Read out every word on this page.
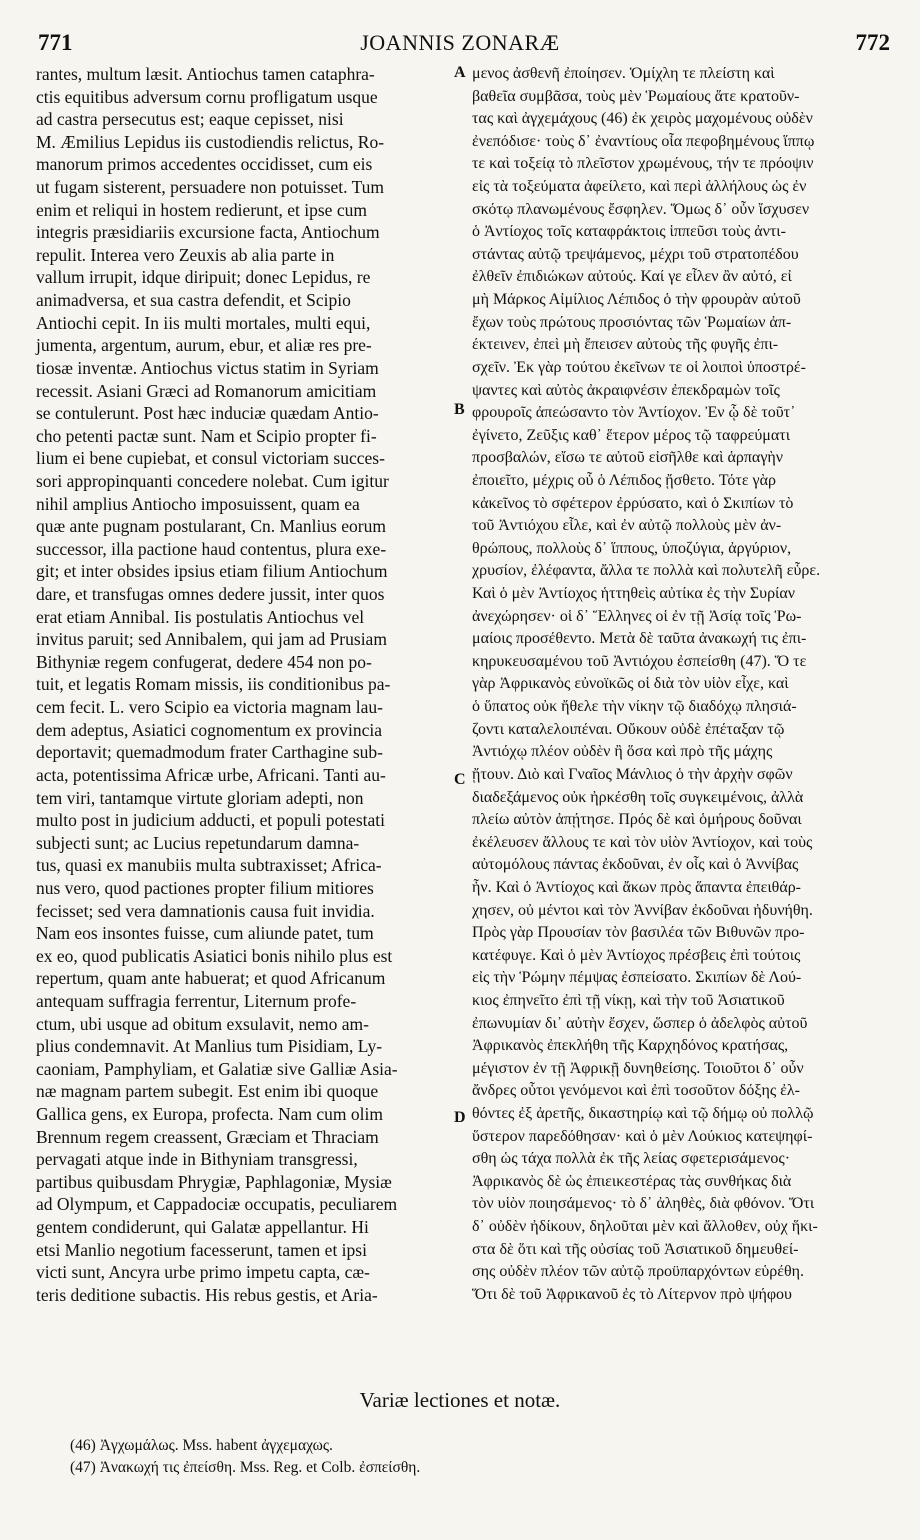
771	JOANNIS ZONARÆ	772
rantes, multum læsit. Antiochus tamen cataphra-
ctis equitibus adversum cornu profligatum usque
ad castra persecutus est; eaque cepisset, nisi
M. Æmilius Lepidus iis custodiendis relictus, Ro-
manorum primos accedentes occidisset, cum eis
ut fugam sisterent, persuadere non potuisset. Tum
enim et reliqui in hostem redierunt, et ipse cum
integris præsidiariis excursione facta, Antiochum
repulit. Interea vero Zeuxis ab alia parte in
vallum irrupit, idque diripuit; donec Lepidus, re
animadversa, et sua castra defendit, et Scipio
Antiochi cepit. In iis multi mortales, multi equi,
jumenta, argentum, aurum, ebur, et aliæ res pre-
tiosæ inventæ. Antiochus victus statim in Syriam
recessit. Asiani Græci ad Romanorum amicitiam
se contulerunt. Post hæc induciæ quædam Antio-
cho petenti pactæ sunt. Nam et Scipio propter fi-
lium ei bene cupiebat, et consul victoriam succes-
sori appropinquanti concedere nolebat. Cum igitur
nihil amplius Antiocho imposuissent, quam ea
quæ ante pugnam postularant, Cn. Manlius eorum
successor, illa pactione haud contentus, plura exe-
git; et inter obsides ipsius etiam filium Antiochum
dare, et transfugas omnes dedere jussit, inter quos
erat etiam Annibal. Iis postulatis Antiochus vel
invitus paruit; sed Annibalem, qui jam ad Prusiam
Bithyniæ regem confugerat, dedere 454 non po-
tuit, et legatis Romam missis, iis conditionibus pa-
cem fecit. L. vero Scipio ea victoria magnam lau-
dem adeptus, Asiatici cognomentum ex provincia
deportavit; quemadmodum frater Carthagine sub-
acta, potentissima Africæ urbe, Africani. Tanti au-
tem viri, tantamque virtute gloriam adepti, non
multo post in judicium adducti, et populi potestati
subjecti sunt; ac Lucius repetundarum damna-
tus, quasi ex manubiis multa subtraxisset; Africa-
nus vero, quod pactiones propter filium mitiores
fecisset; sed vera damnationis causa fuit invidia.
Nam eos insontes fuisse, cum aliunde patet, tum
ex eo, quod publicatis Asiatici bonis nihilo plus est
repertum, quam ante habuerat; et quod Africanum
antequam suffragia ferrentur, Liternum profe-
ctum, ubi usque ad obitum exsulavit, nemo am-
plius condemnavit. At Manlius tum Pisidiam, Ly-
caoniam, Pamphyliam, et Galatiæ sive Galliæ Asia-
næ magnam partem subegit. Est enim ibi quoque
Gallica gens, ex Europa, profecta. Nam cum olim
Brennum regem creassent, Græciam et Thraciam
pervagati atque inde in Bithyniam transgressi,
partibus quibusdam Phrygiæ, Paphlagoniæ, Mysiæ
ad Olympum, et Cappadociæ occupatis, peculiarem
gentem condiderunt, qui Galatæ appellantur. Hi
etsi Manlio negotium facesserunt, tamen et ipsi
victi sunt, Ancyra urbe primo impetu capta, cæ-
teris deditione subactis. His rebus gestis, et Aria-
μενος ἀσθενῆ ἐποίησεν. Ὁμίχλη τε πλείστη καὶ
βαθεῖα συμβᾶσα, τοὺς μὲν Ῥωμαίους ἅτε κρατοῦν-
τας καὶ ἀγχεμάχους (46) ἐκ χειρὸς μαχομένους οὐδὲν
ἐνεπόδισε· τοὺς δ᾽ ἐναντίους οἷα πεφοβημένους ἵππῳ
τε καὶ τοξείᾳ τὸ πλεῖστον χρωμένους, τήν τε πρόοψιν
εἰς τὰ τοξεύματα ἀφείλετο, καὶ περὶ ἀλλήλους ὡς ἐν
σκότῳ πλανωμένους ἔσφηλεν. Ὅμως δ᾽ οὖν ἴσχυσεν
ὁ Ἀντίοχος τοῖς καταφράκτοις ἱππεῦσι τοὺς ἀντι-
στάντας αὐτῷ τρεψάμενος, μέχρι τοῦ στρατοπέδου
ἐλθεῖν ἐπιδιώκων αὐτούς. Καί γε εἷλεν ἂν αὐτό, εἰ
μὴ Μάρκος Αἰμίλιος Λέπιδος ὁ τὴν φρουρὰν αὐτοῦ
ἔχων τοὺς πρώτους προσιόντας τῶν Ῥωμαίων ἀπ-
έκτεινεν, ἐπεὶ μὴ ἔπεισεν αὐτοὺς τῆς φυγῆς ἐπι-
σχεῖν. Ἐκ γὰρ τούτου ἐκεῖνων τε οἱ λοιποὶ ὑποστρέ-
ψαντες καὶ αὐτὸς ἀκραιφνέσιν ἐπεκδραμὼν τοῖς
φρουροῖς ἀπεώσαντο τὸν Ἀντίοχον. Ἐν ᾧ δὲ τοῦτ᾽
ἐγίνετο, Ζεῦξις καθ᾽ ἕτερον μέρος τῷ ταφρεύματι
προσβαλών, εἴσω τε αὐτοῦ εἰσῆλθε καὶ ἁρπαγὴν
ἐποιεῖτο, μέχρις οὗ ὁ Λέπιδος ᾔσθετο. Τότε γὰρ
κἀκεῖνος τὸ σφέτερον ἐρρύσατο, καὶ ὁ Σκιπίων τὸ
τοῦ Ἀντιόχου εἷλε, καὶ ἐν αὐτῷ πολλοὺς μὲν ἀν-
θρώπους, πολλοὺς δ᾽ ἵππους, ὑποζύγια, ἀργύριον,
χρυσίον, ἐλέφαντα, ἄλλα τε πολλὰ καὶ πολυτελῆ εὗρε.
Καὶ ὁ μὲν Ἀντίοχος ἡττηθεὶς αὐτίκα ἐς τὴν Συρίαν
ἀνεχώρησεν· οἱ δ᾽ Ἕλληνες οἱ ἐν τῇ Ἀσίᾳ τοῖς Ῥω-
μαίοις προσέθεντο. Μετὰ δὲ ταῦτα ἀνακωχή τις ἐπι-
κηρυκευσαμένου τοῦ Ἀντιόχου ἐσπείσθη (47). Ὅ τε
γὰρ Ἀφρικανὸς εὐνοϊκῶς οἱ διὰ τὸν υἱὸν εἶχε, καὶ
ὁ ὕπατος οὐκ ἤθελε τὴν νίκην τῷ διαδόχῳ πλησιά-
ζοντι καταλελοιπέναι. Οὔκουν οὐδὲ ἐπέταξαν τῷ
Ἀντιόχῳ πλέον οὐδὲν ἢ ὅσα καὶ πρὸ τῆς μάχης
ᾔτουν. Διὸ καὶ Γναῖος Μάνλιος ὁ τὴν ἀρχὴν σφῶν
διαδεξάμενος οὐκ ἠρκέσθη τοῖς συγκειμένοις, ἀλλὰ
πλείω αὐτὸν ἀπῄτησε. Πρός δὲ καὶ ὁμήρους δοῦναι
ἐκέλευσεν ἄλλους τε καὶ τὸν υἱὸν Ἀντίοχον, καὶ τοὺς
αὐτομόλους πάντας ἐκδοῦναι, ἐν οἷς καὶ ὁ Ἀννίβας
ἦν. Καὶ ὁ Ἀντίοχος καὶ ἄκων πρὸς ἅπαντα ἐπειθάρ-
χησεν, οὐ μέντοι καὶ τὸν Ἀννίβαν ἐκδοῦναι ἠδυνήθη.
Πρὸς γὰρ Προυσίαν τὸν βασιλέα τῶν Βιθυνῶν προ-
κατέφυγε. Καὶ ὁ μὲν Ἀντίοχος πρέσβεις ἐπὶ τούτοις
εἰς τὴν Ῥώμην πέμψας ἐσπείσατο. Σκιπίων δὲ Λού-
κιος ἐπηνεῖτο ἐπὶ τῇ νίκῃ, καὶ τὴν τοῦ Ἀσιατικοῦ
ἐπωνυμίαν δι᾽ αὐτὴν ἔσχεν, ὥσπερ ὁ ἀδελφὸς αὐτοῦ
Ἀφρικανὸς ἐπεκλήθη τῆς Καρχηδόνος κρατήσας,
μέγιστον ἐν τῇ Ἀφρικῇ δυνηθείσης. Τοιοῦτοι δ᾽ οὖν
ἄνδρες οὗτοι γενόμενοι καὶ ἐπὶ τοσοῦτον δόξης ἐλ-
θόντες ἐξ ἀρετῆς, δικαστηρίῳ καὶ τῷ δήμῳ οὐ πολλῷ
ὕστερον παρεδόθησαν· καὶ ὁ μὲν Λούκιος κατεψηφί-
σθη ὡς τάχα πολλὰ ἐκ τῆς λείας σφετερισάμενος·
Ἀφρικανὸς δὲ ὡς ἐπιεικεστέρας τὰς συνθήκας διὰ
τὸν υἱὸν ποιησάμενος· τὸ δ᾽ ἀληθὲς, διὰ φθόνον. Ὅτι
δ᾽ οὐδὲν ἠδίκουν, δηλοῦται μὲν καὶ ἄλλοθεν, οὐχ ἥκι-
στα δὲ ὅτι καὶ τῆς οὐσίας τοῦ Ἀσιατικοῦ δημευθεί-
σης οὐδὲν πλέον τῶν αὐτῷ προϋπαρχόντων εὑρέθη.
Ὅτι δὲ τοῦ Ἀφρικανοῦ ἐς τὸ Λίτερνον πρὸ ψήφου
A
B
C
D
Variæ lectiones et notæ.
(46) Ἀγχωμάλως. Mss. habent ἀγχεμαχως.
(47) Ἀνακωχή τις ἐπείσθη. Mss. Reg. et Colb. ἐσπείσθη.
